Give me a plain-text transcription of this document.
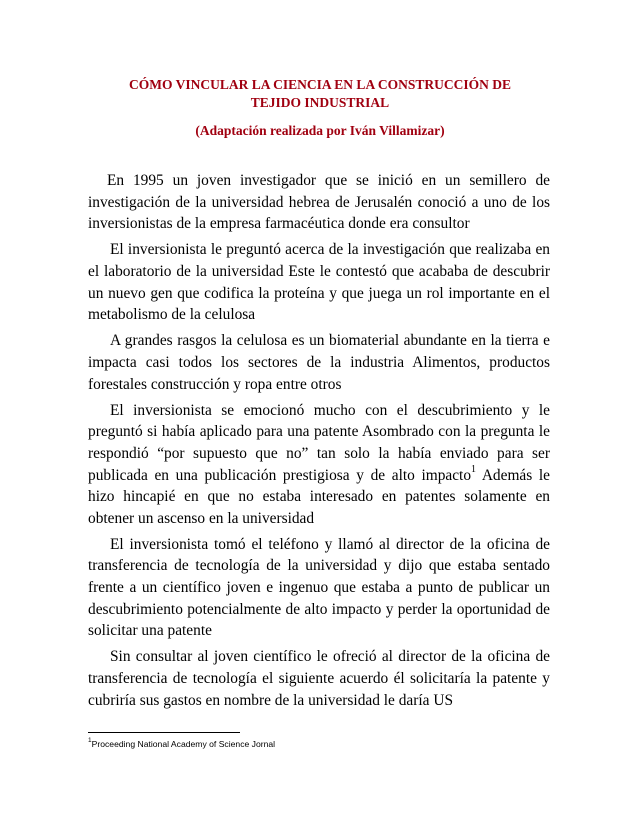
CÓMO VINCULAR LA CIENCIA EN LA CONSTRUCCIÓN DE
TEJIDO INDUSTRIAL
(Adaptación realizada por Iván Villamizar)

En 1995 un joven investigador que se inició en un semillero de investigación de la universidad hebrea de Jerusalén conoció a uno de los inversionistas de la empresa farmacéutica donde era consultor

El inversionista le preguntó acerca de la investigación que realizaba en el laboratorio de la universidad Este le contestó que acababa de descubrir un nuevo gen que codifica la proteína y que juega un rol importante en el metabolismo de la celulosa

A grandes rasgos la celulosa es un biomaterial abundante en la tierra e impacta casi todos los sectores de la industria Alimentos, productos forestales construcción y ropa entre otros

El inversionista se emocionó mucho con el descubrimiento y le preguntó si había aplicado para una patente Asombrado con la pregunta le respondió “por supuesto que no” tan solo la había enviado para ser publicada en una publicación prestigiosa y de alto impacto$^1$ Además le hizo hincapié en que no estaba interesado en patentes solamente en obtener un ascenso en la universidad

El inversionista tomó el teléfono y llamó al director de la oficina de transferencia de tecnología de la universidad y dijo que estaba sentado frente a un científico joven e ingenuo que estaba a punto de publicar un descubrimiento potencialmente de alto impacto y perder la oportunidad de solicitar una patente

Sin consultar al joven científico le ofreció al director de la oficina de transferencia de tecnología el siguiente acuerdo él solicitaría la patente y cubriría sus gastos en nombre de la universidad le daría US

$^1$Proceeding National Academy of Science Jornal
